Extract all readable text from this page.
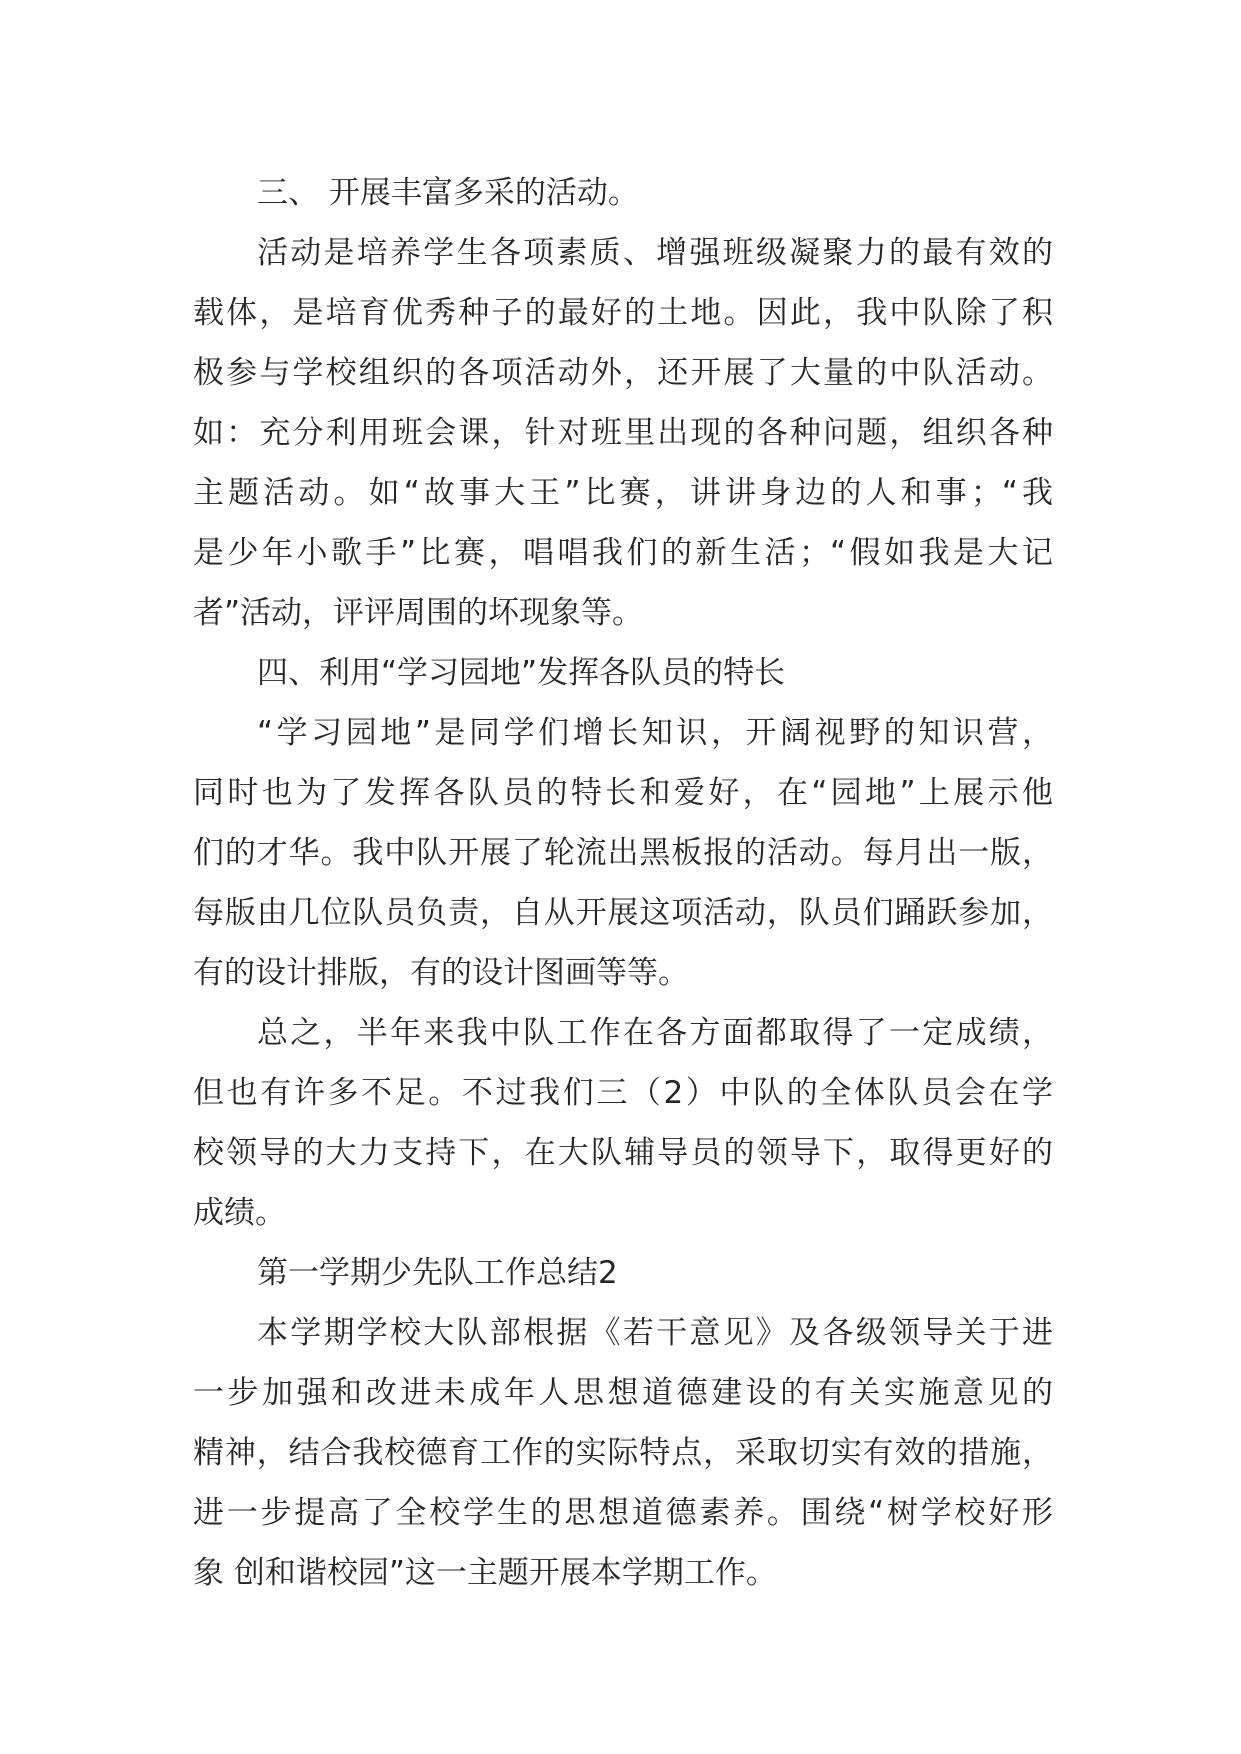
三、 开展丰富多采的活动。
活动是培养学生各项素质、增强班级凝聚力的最有效的
载体，是培育优秀种子的最好的土地。因此，我中队除了积
极参与学校组织的各项活动外，还开展了大量的中队活动。
如：充分利用班会课，针对班里出现的各种问题，组织各种
主题活动。如“故事大王”比赛，讲讲身边的人和事；“我
是少年小歌手”比赛，唱唱我们的新生活；“假如我是大记
者”活动，评评周围的坏现象等。
四、利用“学习园地”发挥各队员的特长
“学习园地”是同学们增长知识，开阔视野的知识营，
同时也为了发挥各队员的特长和爱好，在“园地”上展示他
们的才华。我中队开展了轮流出黑板报的活动。每月出一版，
每版由几位队员负责，自从开展这项活动，队员们踊跃参加，
有的设计排版，有的设计图画等等。
总之，半年来我中队工作在各方面都取得了一定成绩，
但也有许多不足。不过我们三（2）中队的全体队员会在学
校领导的大力支持下，在大队辅导员的领导下，取得更好的
成绩。
第一学期少先队工作总结2
本学期学校大队部根据《若干意见》及各级领导关于进
一步加强和改进未成年人思想道德建设的有关实施意见的
精神，结合我校德育工作的实际特点，采取切实有效的措施，
进一步提高了全校学生的思想道德素养。围绕“树学校好形
象 创和谐校园”这一主题开展本学期工作。
